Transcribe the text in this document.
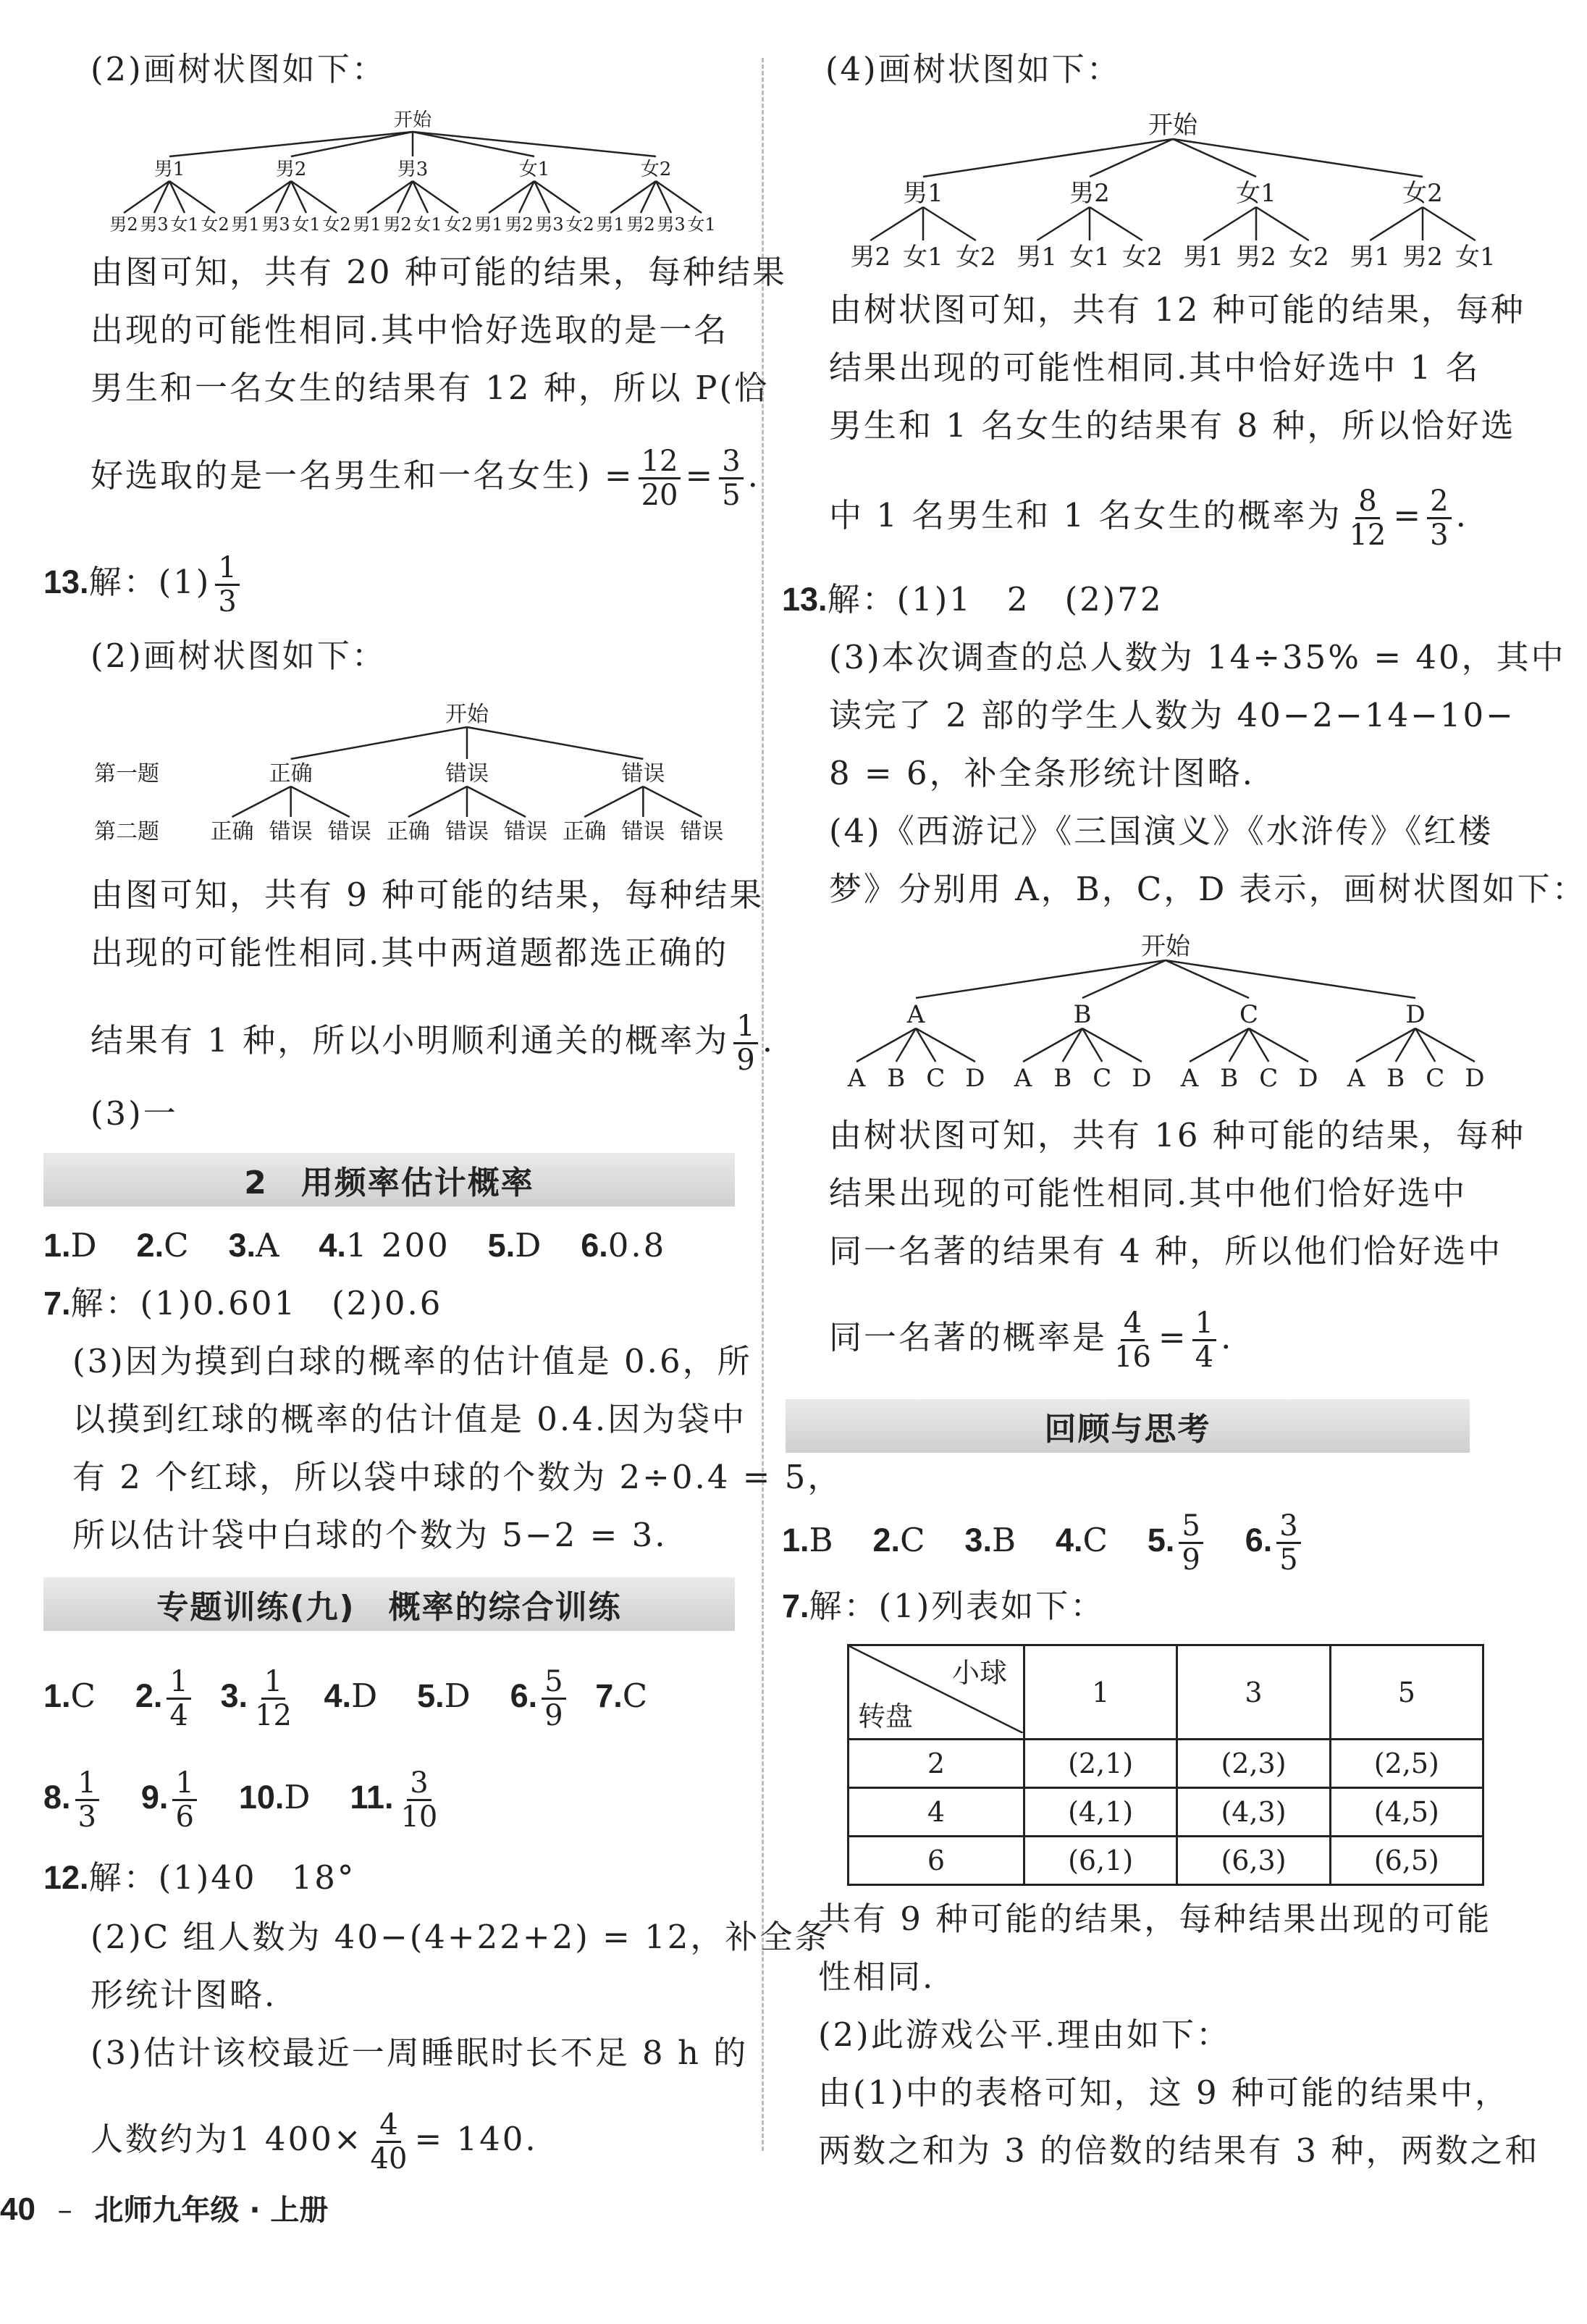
(2)画树状图如下：
开始
男1
男2 男3 女1 女2
男2
男1 男3 女1 女2
男3
男1 男2 女1 女2
女1
男1 男2 男3 女2
女2
男1 男2 男3 女1
由图可知，共有 20 种可能的结果，每种结果
出现的可能性相同.其中恰好选取的是一名
男生和一名女生的结果有 12 种，所以 P(恰
好选取的是一名男生和一名女生) = $\frac{12}{20} = \frac{3}{5}$ .
13.解：$(1) \frac{1}{3}$
(2)画树状图如下：
开始
正确
正确 错误 错误
错误
正确 错误 错误
错误
正确 错误 错误
第一题
第二题
由图可知，共有 9 种可能的结果，每种结果
出现的可能性相同.其中两道题都选正确的
结果有 1 种，所以小明顺利通关的概率为 $\frac{1}{9}$ .
(3)一
2　用频率估计概率
1.D 2.C 3.A 4.1 200 5.D 6.0.8
7.解：(1)0.601　(2)0.6
(3)因为摸到白球的概率的估计值是 0.6，所
以摸到红球的概率的估计值是 0.4.因为袋中
有 2 个红球，所以袋中球的个数为 2÷0.4 = 5，
所以估计袋中白球的个数为 5−2 = 3.
专题训练(九)　概率的综合训练
1.C 2. $\frac{1}{4} 3$. $\frac{1}{12} 4.D$ 5.D 6. $\frac{5}{9} 7.C$
8. $\frac{1}{3} 9$. $\frac{1}{6} 10.D$ 11. $\frac{3}{10}$
12.解：(1)40　18°
(2)C 组人数为 40−(4+22+2) = 12，补全条
形统计图略.
(3)估计该校最近一周睡眠时长不足 8 h 的
人数约为1 $400\times \frac{4}{40} = 140$.
(4)画树状图如下：
开始
男1
男2 女1 女2
男2
男1 女1 女2
女1
男1 男2 女2
女2
男1 男2 女1
由树状图可知，共有 12 种可能的结果，每种
结果出现的可能性相同.其中恰好选中 1 名
男生和 1 名女生的结果有 8 种，所以恰好选
中 1 名男生和 1 名女生的概率为 $\frac{8}{12} = \frac{2}{3}$ .
13.解：(1)1　2　(2)72
(3)本次调查的总人数为 14÷35% = 40，其中
读完了 2 部的学生人数为 40−2−14−10−
8 = 6，补全条形统计图略.
(4)《西游记》《三国演义》《水浒传》《红楼
梦》分别用 A，B，C，D 表示，画树状图如下：
开始
A
A B C D
B
A B C D
C
A B C D
D
A B C D
由树状图可知，共有 16 种可能的结果，每种
结果出现的可能性相同.其中他们恰好选中
同一名著的结果有 4 种，所以他们恰好选中
同一名著的概率是 $\frac{4}{16} = \frac{1}{4}$ .
回顾与思考
1.B 2.C 3.B 4.C 5. $\frac{5}{9} 6$. $\frac{3}{5}$
7.解：(1)列表如下：
小球
转盘	1	3	5
2	(2,1)	(2,3)	(2,5)
4	(4,1)	(4,3)	(4,5)
6	(6,1)	(6,3)	(6,5)
共有 9 种可能的结果，每种结果出现的可能
性相同.
(2)此游戏公平.理由如下：
由(1)中的表格可知，这 9 种可能的结果中，
两数之和为 3 的倍数的结果有 3 种，两数之和
40 – 北师九年级 · 上册
